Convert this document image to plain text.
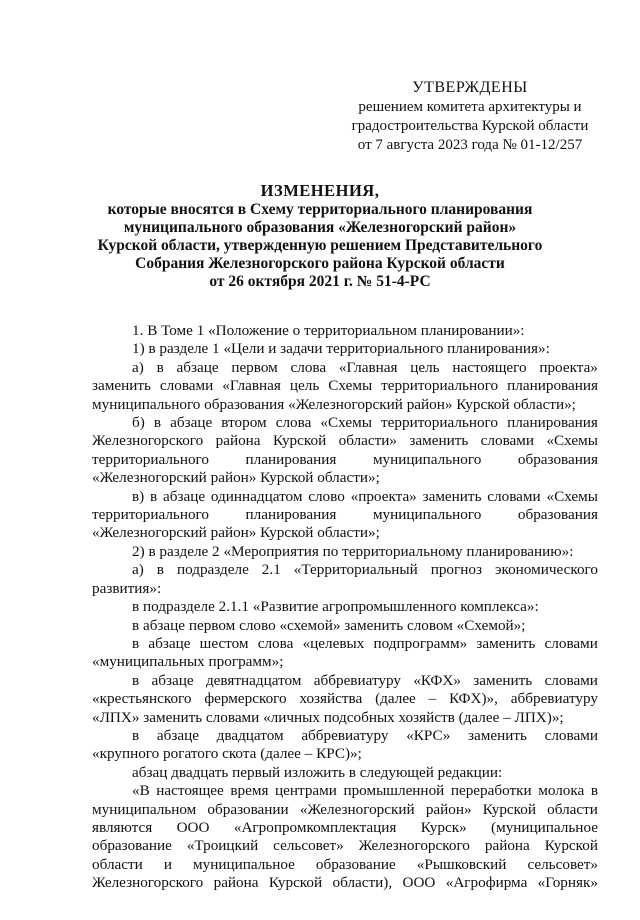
УТВЕРЖДЕНЫ
решением комитета архитектуры и
градостроительства Курской области
от 7 августа 2023 года № 01-12/257
ИЗМЕНЕНИЯ,
которые вносятся в Схему территориального планирования
муниципального образования «Железногорский район»
Курской области, утвержденную решением Представительного
Собрания Железногорского района Курской области
от 26 октября 2021 г. № 51-4-РС
1. В Томе 1 «Положение о территориальном планировании»:
1) в разделе 1 «Цели и задачи территориального планирования»:
а) в абзаце первом слова «Главная цель настоящего проекта»
заменить словами «Главная цель Схемы территориального планирования
муниципального образования «Железногорский район» Курской области»;
б) в абзаце втором слова «Схемы территориального планирования
Железногорского района Курской области» заменить словами «Схемы
территориального планирования муниципального образования
«Железногорский район» Курской области»;
в) в абзаце одиннадцатом слово «проекта» заменить словами «Схемы
территориального планирования муниципального образования
«Железногорский район» Курской области»;
2) в разделе 2 «Мероприятия по территориальному планированию»:
а) в подразделе 2.1 «Территориальный прогноз экономического
развития»:
в подразделе 2.1.1 «Развитие агропромышленного комплекса»:
в абзаце первом слово «схемой» заменить словом «Схемой»;
в абзаце шестом слова «целевых подпрограмм» заменить словами
«муниципальных программ»;
в абзаце девятнадцатом аббревиатуру «КФХ» заменить словами
«крестьянского фермерского хозяйства (далее – КФХ)», аббревиатуру
«ЛПХ» заменить словами «личных подсобных хозяйств (далее – ЛПХ)»;
в абзаце двадцатом аббревиатуру «КРС» заменить словами
«крупного рогатого скота (далее – КРС)»;
абзац двадцать первый изложить в следующей редакции:
«В настоящее время центрами промышленной переработки молока в
муниципальном образовании «Железногорский район» Курской области
являются ООО «Агропромкомплектация Курск» (муниципальное
образование «Троицкий сельсовет» Железногорского района Курской
области и муниципальное образование «Рышковский сельсовет»
Железногорского района Курской области), ООО «Агрофирма «Горняк»
